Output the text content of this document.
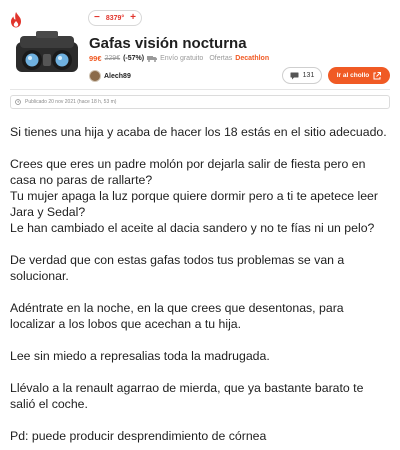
− 8379° +
Gafas visión nocturna
99€ 229€ (-57%) Envío gratuito Ofertas Decathlon
Alech89	131	Ir al chollo
Publicado 20 nov 2021 (hace 18 h, 53 m)

Si tienes una hija y acaba de hacer los 18 estás en el sitio adecuado.

Crees que eres un padre molón por dejarla salir de fiesta pero en casa no paras de rallarte?
Tu mujer apaga la luz porque quiere dormir pero a ti te apetece leer Jara y Sedal?
Le han cambiado el aceite al dacia sandero y no te fías ni un pelo?

De verdad que con estas gafas todos tus problemas se van a solucionar.

Adéntrate en la noche, en la que crees que desentonas, para localizar a los lobos que acechan a tu hija.

Lee sin miedo a represalias toda la madrugada.

Llévalo a la renault agarrao de mierda, que ya bastante barato te salió el coche.

Pd: puede producir desprendimiento de córnea
